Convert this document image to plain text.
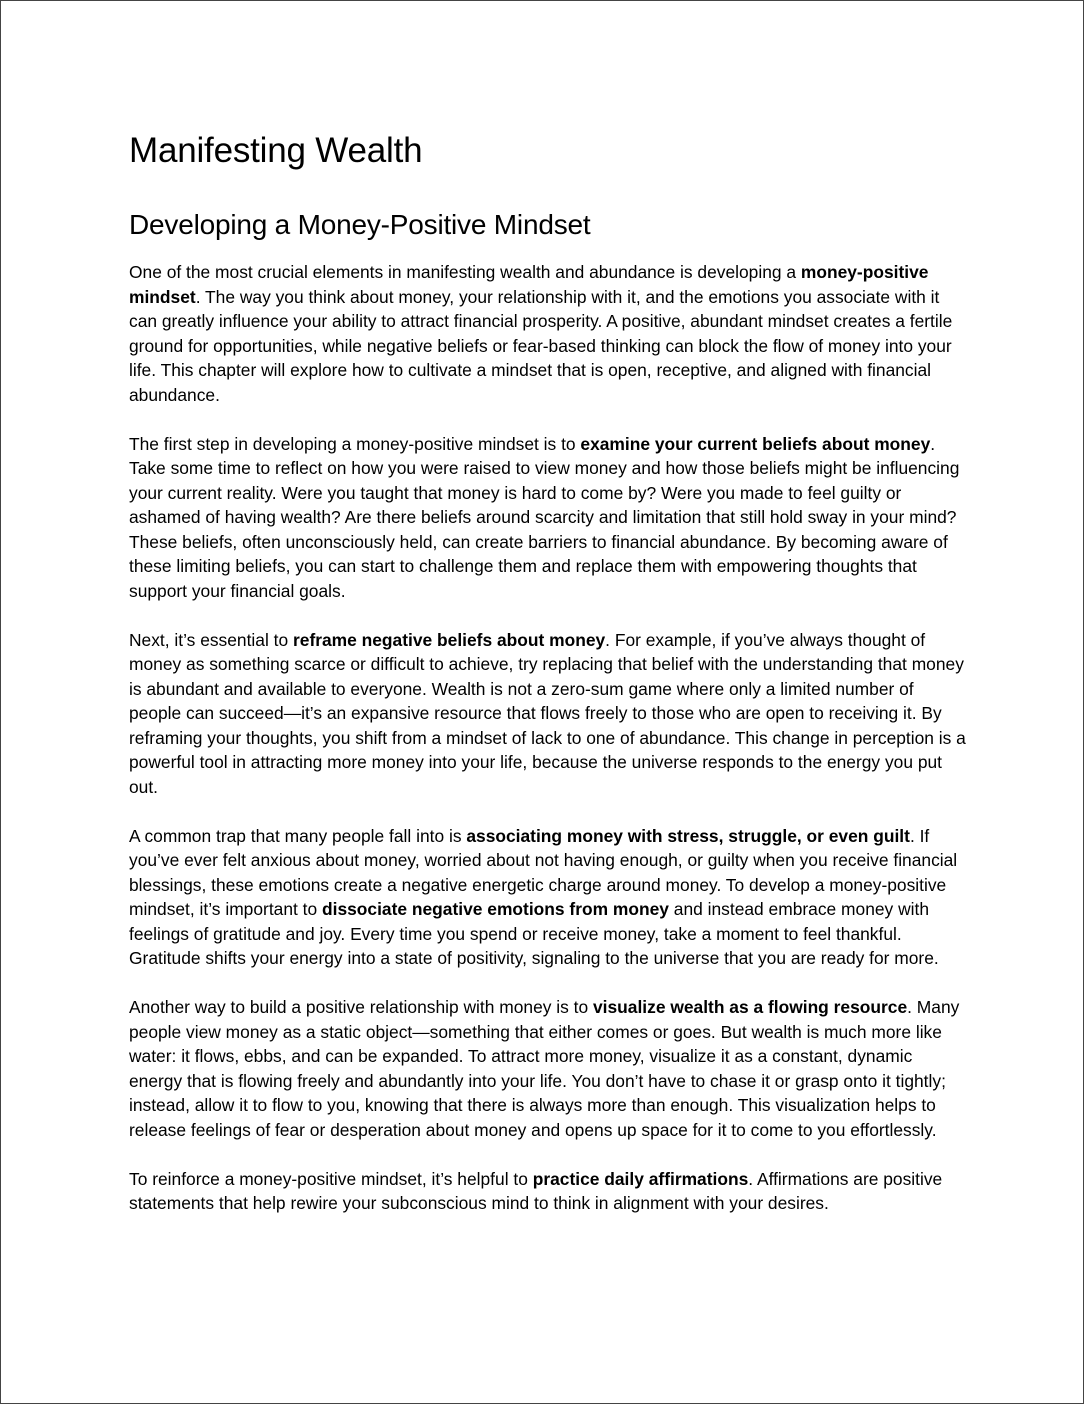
Manifesting Wealth
Developing a Money-Positive Mindset

One of the most crucial elements in manifesting wealth and abundance is developing a money-positive mindset. The way you think about money, your relationship with it, and the emotions you associate with it can greatly influence your ability to attract financial prosperity. A positive, abundant mindset creates a fertile ground for opportunities, while negative beliefs or fear-based thinking can block the flow of money into your life. This chapter will explore how to cultivate a mindset that is open, receptive, and aligned with financial abundance.

The first step in developing a money-positive mindset is to examine your current beliefs about money. Take some time to reflect on how you were raised to view money and how those beliefs might be influencing your current reality. Were you taught that money is hard to come by? Were you made to feel guilty or ashamed of having wealth? Are there beliefs around scarcity and limitation that still hold sway in your mind? These beliefs, often unconsciously held, can create barriers to financial abundance. By becoming aware of these limiting beliefs, you can start to challenge them and replace them with empowering thoughts that support your financial goals.

Next, it’s essential to reframe negative beliefs about money. For example, if you’ve always thought of money as something scarce or difficult to achieve, try replacing that belief with the understanding that money is abundant and available to everyone. Wealth is not a zero-sum game where only a limited number of people can succeed—it’s an expansive resource that flows freely to those who are open to receiving it. By reframing your thoughts, you shift from a mindset of lack to one of abundance. This change in perception is a powerful tool in attracting more money into your life, because the universe responds to the energy you put out.

A common trap that many people fall into is associating money with stress, struggle, or even guilt. If you’ve ever felt anxious about money, worried about not having enough, or guilty when you receive financial blessings, these emotions create a negative energetic charge around money. To develop a money-positive mindset, it’s important to dissociate negative emotions from money and instead embrace money with feelings of gratitude and joy. Every time you spend or receive money, take a moment to feel thankful. Gratitude shifts your energy into a state of positivity, signaling to the universe that you are ready for more.

Another way to build a positive relationship with money is to visualize wealth as a flowing resource. Many people view money as a static object—something that either comes or goes. But wealth is much more like water: it flows, ebbs, and can be expanded. To attract more money, visualize it as a constant, dynamic energy that is flowing freely and abundantly into your life. You don’t have to chase it or grasp onto it tightly; instead, allow it to flow to you, knowing that there is always more than enough. This visualization helps to release feelings of fear or desperation about money and opens up space for it to come to you effortlessly.

To reinforce a money-positive mindset, it’s helpful to practice daily affirmations. Affirmations are positive statements that help rewire your subconscious mind to think in alignment with your desires.
